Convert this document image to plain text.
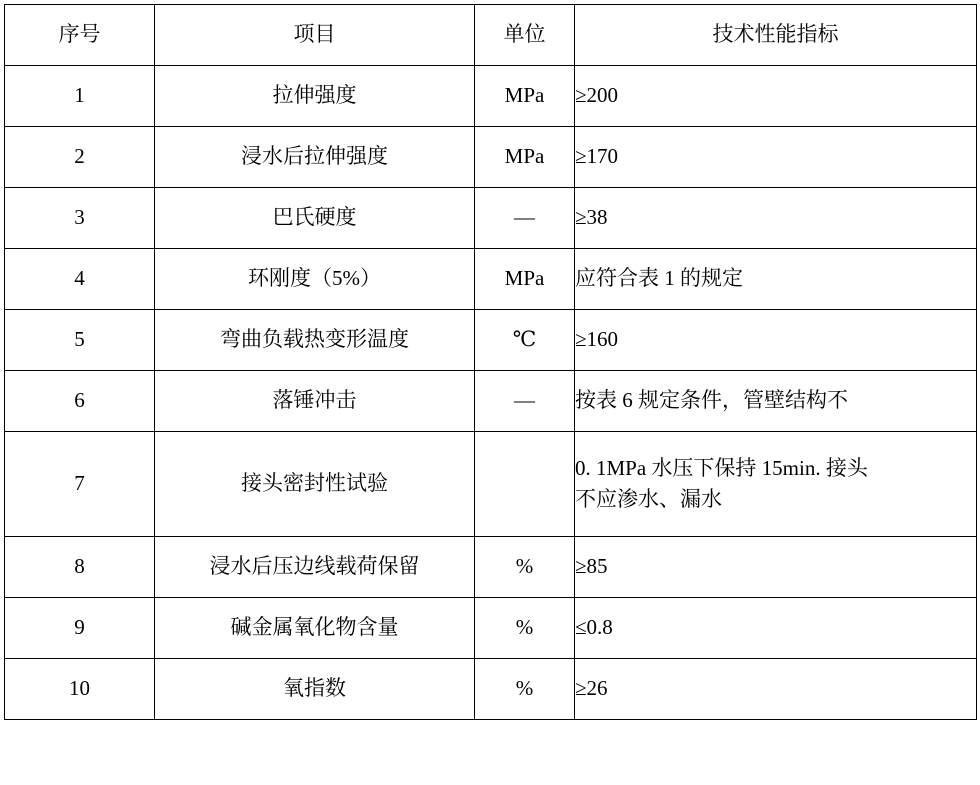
序号	项目	单位	技术性能指标
1	拉伸强度	MPa	≥200
2	浸水后拉伸强度	MPa	≥170
3	巴氏硬度	—	≥38
4	环刚度（5%）	MPa	应符合表 1 的规定
5	弯曲负载热变形温度	℃	≥160
6	落锤冲击	—	按表 6 规定条件，管壁结构不
7	接头密封性试验		0. 1MPa 水压下保持 15min. 接头
不应渗水、漏水

8	浸水后压边线载荷保留	%	≥85
9	碱金属氧化物含量	%	≤0.8
10	氧指数	%	≥26
